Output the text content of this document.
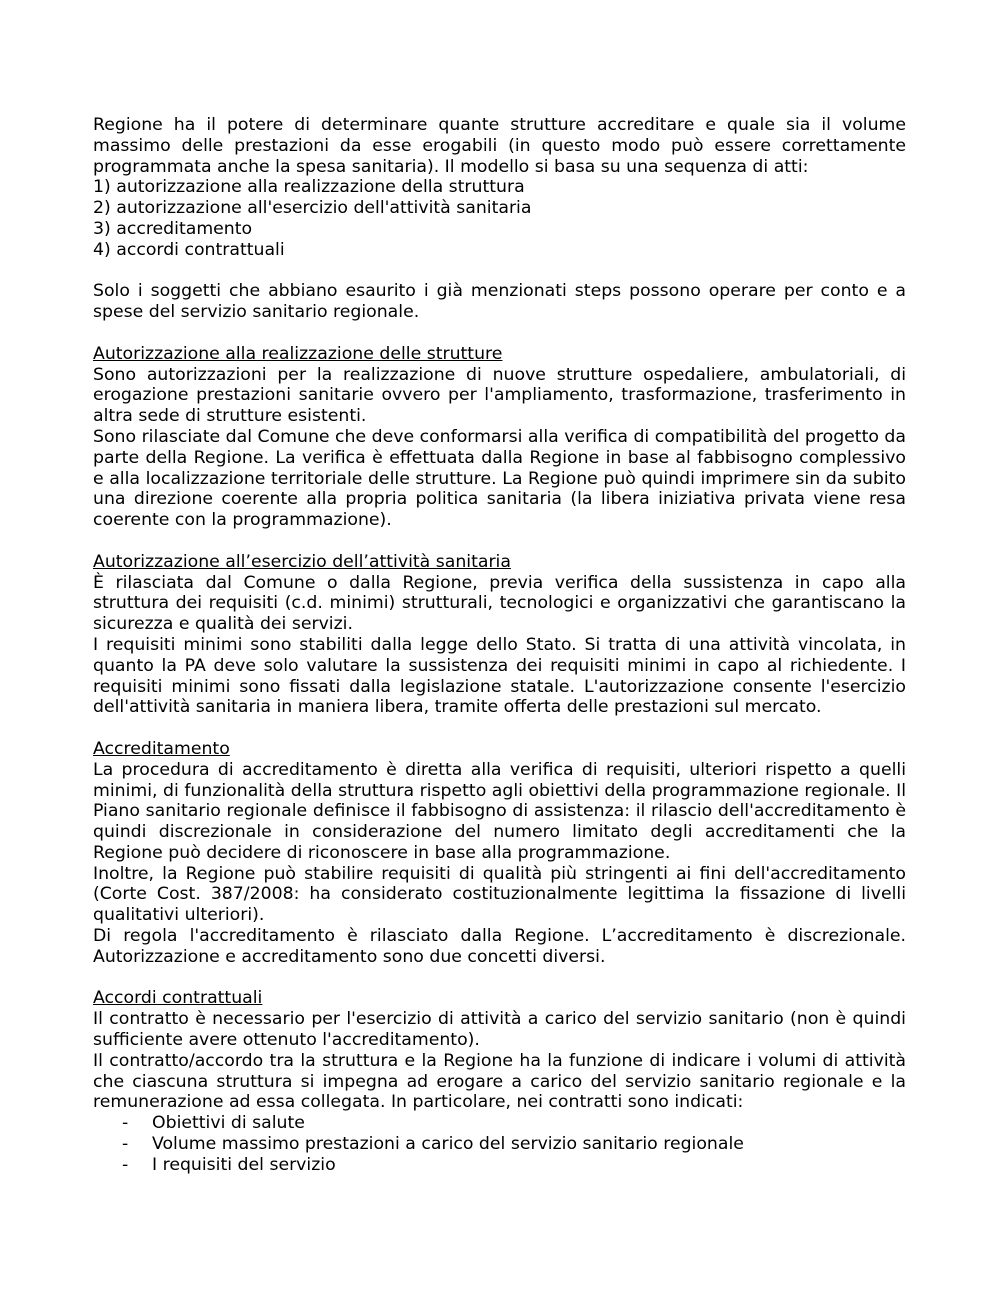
Regione ha il potere di determinare quante strutture accreditare e quale sia il volume massimo delle prestazioni da esse erogabili (in questo modo può essere correttamente programmata anche la spesa sanitaria). Il modello si basa su una sequenza di atti:

1) autorizzazione alla realizzazione della struttura

2) autorizzazione all'esercizio dell'attività sanitaria

3) accreditamento

4) accordi contrattuali

Solo i soggetti che abbiano esaurito i già menzionati steps possono operare per conto e a spese del servizio sanitario regionale.

Autorizzazione alla realizzazione delle strutture

Sono autorizzazioni per la realizzazione di nuove strutture ospedaliere, ambulatoriali, di erogazione prestazioni sanitarie ovvero per l'ampliamento, trasformazione, trasferimento in altra sede di strutture esistenti.

Sono rilasciate dal Comune che deve conformarsi alla verifica di compatibilità del progetto da parte della Regione. La verifica è effettuata dalla Regione in base al fabbisogno complessivo e alla localizzazione territoriale delle strutture. La Regione può quindi imprimere sin da subito una direzione coerente alla propria politica sanitaria (la libera iniziativa privata viene resa coerente con la programmazione).

Autorizzazione all’esercizio dell’attività sanitaria

È rilasciata dal Comune o dalla Regione, previa verifica della sussistenza in capo alla struttura dei requisiti (c.d. minimi) strutturali, tecnologici e organizzativi che garantiscano la sicurezza e qualità dei servizi.

I requisiti minimi sono stabiliti dalla legge dello Stato. Si tratta di una attività vincolata, in quanto la PA deve solo valutare la sussistenza dei requisiti minimi in capo al richiedente. I requisiti minimi sono fissati dalla legislazione statale. L'autorizzazione consente l'esercizio dell'attività sanitaria in maniera libera, tramite offerta delle prestazioni sul mercato.

Accreditamento

La procedura di accreditamento è diretta alla verifica di requisiti, ulteriori rispetto a quelli minimi, di funzionalità della struttura rispetto agli obiettivi della programmazione regionale. Il Piano sanitario regionale definisce il fabbisogno di assistenza: il rilascio dell'accreditamento è quindi discrezionale in considerazione del numero limitato degli accreditamenti che la Regione può decidere di riconoscere in base alla programmazione.

Inoltre, la Regione può stabilire requisiti di qualità più stringenti ai fini dell'accreditamento (Corte Cost. 387/2008: ha considerato costituzionalmente legittima la fissazione di livelli qualitativi ulteriori).

Di regola l'accreditamento è rilasciato dalla Regione. L’accreditamento è discrezionale. Autorizzazione e accreditamento sono due concetti diversi.

Accordi contrattuali

Il contratto è necessario per l'esercizio di attività a carico del servizio sanitario (non è quindi sufficiente avere ottenuto l'accreditamento).

Il contratto/accordo tra la struttura e la Regione ha la funzione di indicare i volumi di attività che ciascuna struttura si impegna ad erogare a carico del servizio sanitario regionale e la remunerazione ad essa collegata. In particolare, nei contratti sono indicati:

- Obiettivi di salute
- Volume massimo prestazioni a carico del servizio sanitario regionale
- I requisiti del servizio
